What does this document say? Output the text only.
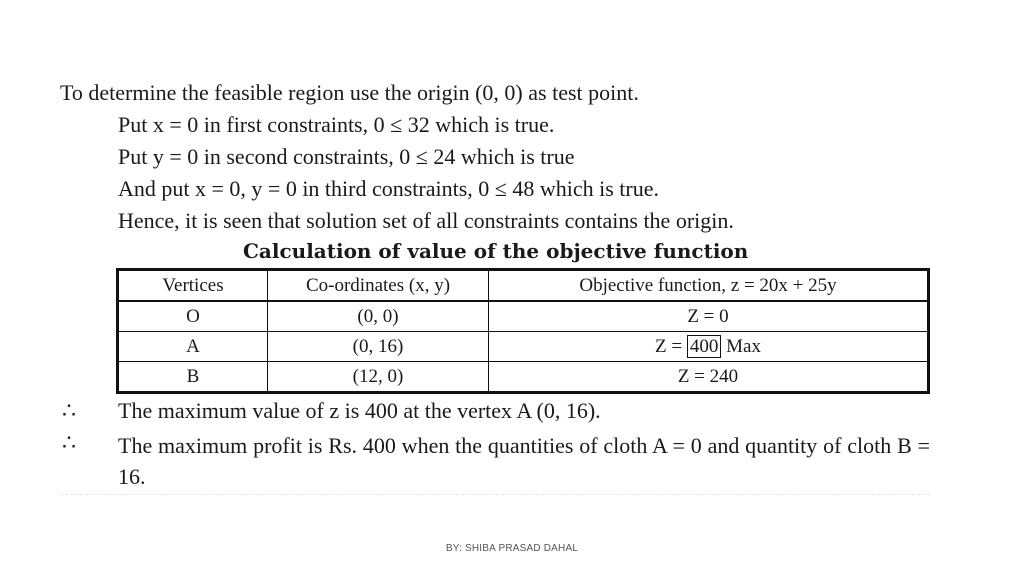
To determine the feasible region use the origin (0, 0) as test point.
Put x = 0 in first constraints, 0 ≤ 32 which is true.
Put y = 0 in second constraints, 0 ≤ 24 which is true
And put x = 0, y = 0 in third constraints, 0 ≤ 48 which is true.
Hence, it is seen that solution set of all constraints contains the origin.
Calculation of value of the objective function
Vertices	Co-ordinates (x, y)	Objective function, z = 20x + 25y
O	(0, 0)	Z = 0
A	(0, 16)	Z = 400 Max
B	(12, 0)	Z = 240
∴
∴
The maximum value of z is 400 at the vertex A (0, 16).
The maximum profit is Rs. 400 when the quantities of cloth A = 0 and quantity of cloth B = 16.
BY: SHIBA PRASAD DAHAL
